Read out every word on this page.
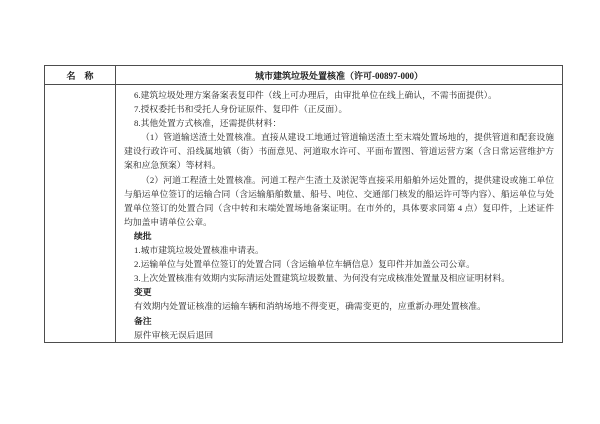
名　称	城市建筑垃圾处置核准（许可-00897-000）

6.建筑垃圾处理方案备案表复印件（线上可办理后，由审批单位在线上确认，不需书面提供）。

7.授权委托书和受托人身份证原件、复印件（正反面）。

8.其他处置方式核准，还需提供材料：

（1）管道输送渣土处置核准。直接从建设工地通过管道输送渣土至末端处置场地的，提供管道和配套设施建设行政许可、沿线属地镇（街）书面意见、河道取水许可、平面布置图、管道运营方案（含日常运营维护方案和应急预案）等材料。

（2）河道工程渣土处置核准。河道工程产生渣土及淤泥等直接采用船舶外运处置的，提供建设或施工单位与船运单位签订的运输合同（含运输船舶数量、船号、吨位、交通部门核发的船运许可等内容）、船运单位与处置单位签订的处置合同（含中转和末端处置场地备案证明。在市外的，具体要求同第 4 点）复印件，上述证件均加盖申请单位公章。

续批

1.城市建筑垃圾处置核准申请表。

2.运输单位与处置单位签订的处置合同（含运输单位车辆信息）复印件并加盖公司公章。

3.上次处置核准有效期内实际清运处置建筑垃圾数量、为何没有完成核准处置量及相应证明材料。

变更

有效期内处置证核准的运输车辆和消纳场地不得变更，确需变更的，应重新办理处置核准。

备注

原件审核无误后退回
